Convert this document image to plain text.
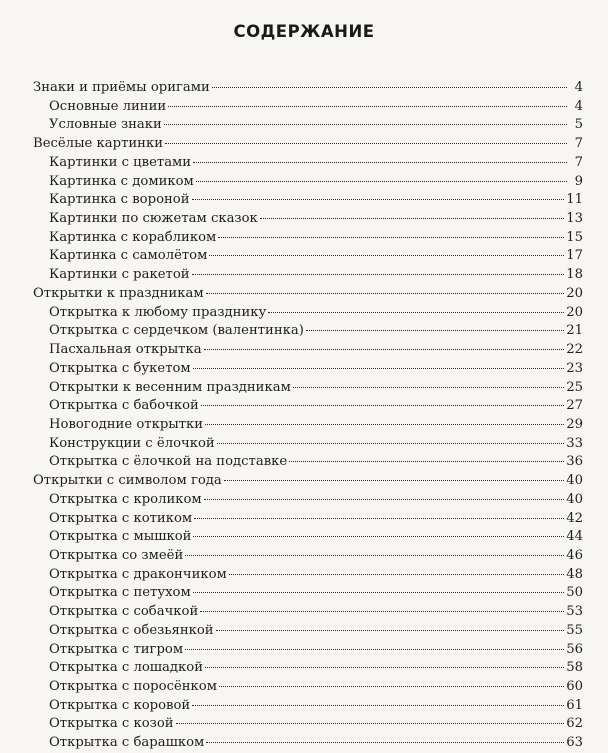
СОДЕРЖАНИЕ
Знаки и приёмы оригами	4
Основные линии	4
Условные знаки	5
Весёлые картинки	7
Картинки с цветами	7
Картинка с домиком	9
Картинка с вороной	11
Картинки по сюжетам сказок	13
Картинка с корабликом	15
Картинка с самолётом	17
Картинки с ракетой	18
Открытки к праздникам	20
Открытка к любому празднику	20
Открытка с сердечком (валентинка)	21
Пасхальная открытка	22
Открытка с букетом	23
Открытки к весенним праздникам	25
Открытка с бабочкой	27
Новогодние открытки	29
Конструкции с ёлочкой	33
Открытка с ёлочкой на подставке	36
Открытки с символом года	40
Открытка с кроликом	40
Открытка с котиком	42
Открытка с мышкой	44
Открытка со змеёй	46
Открытка с дракончиком	48
Открытка с петухом	50
Открытка с собачкой	53
Открытка с обезьянкой	55
Открытка с тигром	56
Открытка с лошадкой	58
Открытка с поросёнком	60
Открытка с коровой	61
Открытка с козой	62
Открытка с барашком	63
